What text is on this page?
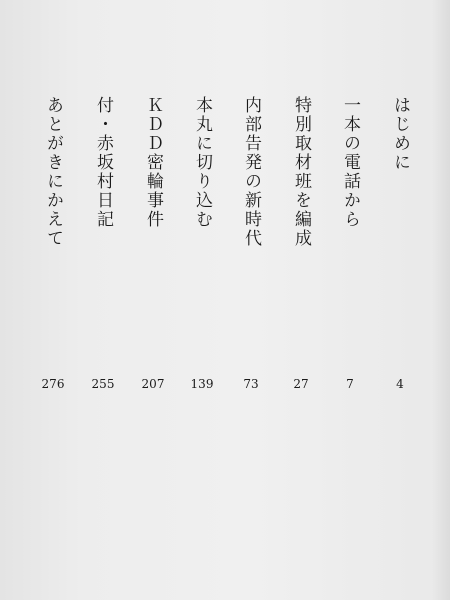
はじめに
4
一本の電話から
7
特別取材班を編成
27
内部告発の新時代
73
本丸に切り込む
139
ＫＤＤ密輪事件
207
付・赤坂村日記
255
あとがきにかえて
276
